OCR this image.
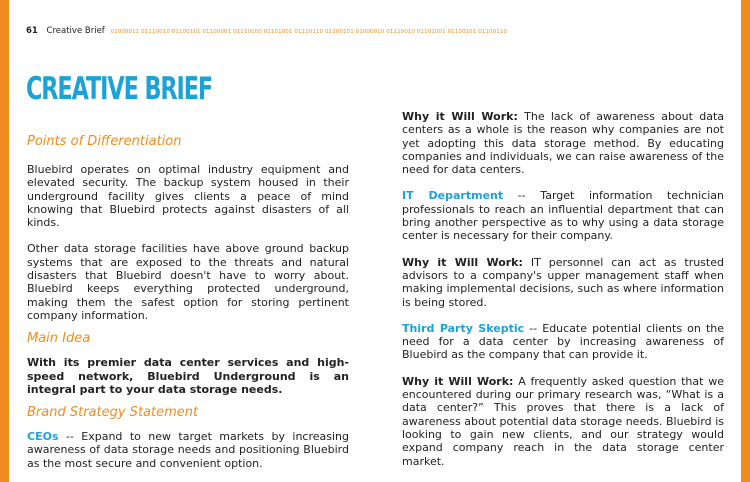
61 Creative Brief 01000011 01110010 01100101 01100001 01110100 01101001 01110110 01100101 01000010 01110010 01101001 01100101 01100110
CREATIVE BRIEF
Points of Differentiation

Bluebird operates on optimal industry equipment and elevated security. The backup system housed in their underground facility gives clients a peace of mind knowing that Bluebird protects against disasters of all kinds.

Other data storage facilities have above ground backup systems that are exposed to the threats and natural disasters that Bluebird doesn't have to worry about. Bluebird keeps everything protected underground, making them the safest option for storing pertinent company information.

Main Idea

With its premier data center services and high-speed network, Bluebird Underground is an integral part to your data storage needs.

Brand Strategy Statement

CEOs -- Expand to new target markets by increasing awareness of data storage needs and positioning Bluebird as the most secure and convenient option.

Why it Will Work: The lack of awareness about data centers as a whole is the reason why companies are not yet adopting this data storage method. By educating companies and individuals, we can raise awareness of the need for data centers.

IT Department -- Target information technician professionals to reach an influential department that can bring another perspective as to why using a data storage center is necessary for their company.

Why it Will Work: IT personnel can act as trusted advisors to a company's upper management staff when making implemental decisions, such as where information is being stored.

Third Party Skeptic -- Educate potential clients on the need for a data center by increasing awareness of Bluebird as the company that can provide it.

Why it Will Work: A frequently asked question that we encountered during our primary research was, “What is a data center?” This proves that there is a lack of awareness about potential data storage needs. Bluebird is looking to gain new clients, and our strategy would expand company reach in the data storage center market.
